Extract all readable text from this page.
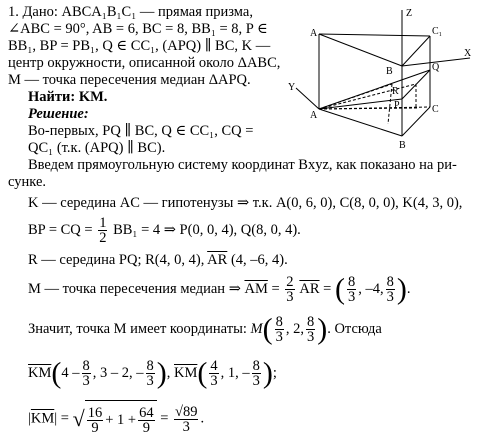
A	C₁
B	Q
R
P
A
C
B
Z
X
Y
1. Дано: ABCA₁B₁C₁ — прямая призма,
∠ABC = 90°, AB = 6, BC = 8, BB₁ = 8, P ∈
BB₁, BP = PB₁, Q ∈ CC₁, (APQ) ∥ BC, K —
центр окружности, описанной около ΔABC,
M — точка пересечения медиан ΔAPQ.
Найти: KM.
Решение:
Во-первых, PQ ∥ BC, Q ∈ CC₁, CQ =
QC₁ (т.к. (APQ) ∥ BC).
Введем прямоугольную систему координат Bxyz, как показано на ри-
сунке.
K — середина AC — гипотенузы ⇒ т.к. A(0, 6, 0), C(8, 0, 0), K(4, 3, 0),
BP = CQ = $\frac{1}{2} BB_1 = 4$ ⇒ P(0, 0, 4), Q(8, 0, 4).
R — середина PQ; R(4, 0, 4), $\overline{AR}$ (4, –6, 4).
M — точка пересечения медиан ⇒ $\overline{AM} = \frac{2}{3} \overline{AR}$ = ( $\frac{8}{3}$ , –4, $\frac{8}{3}$ ).
Значит, точка M имеет координаты: $M( \frac{8}{3}$ , 2, $\frac{8}{3}$ ). Отсюда
$\overline{KM}(4 - \frac{8}{3}$ , 3 – 2, – $\frac{8}{3}$ ), $\overline{KM}( \frac{4}{3}$ , 1, – $\frac{8}{3}$ );
$|\overline{KM}|$ = √ $\frac{16}{9} + 1 + \frac{64}{9} = \frac{√89}{3}$ .
